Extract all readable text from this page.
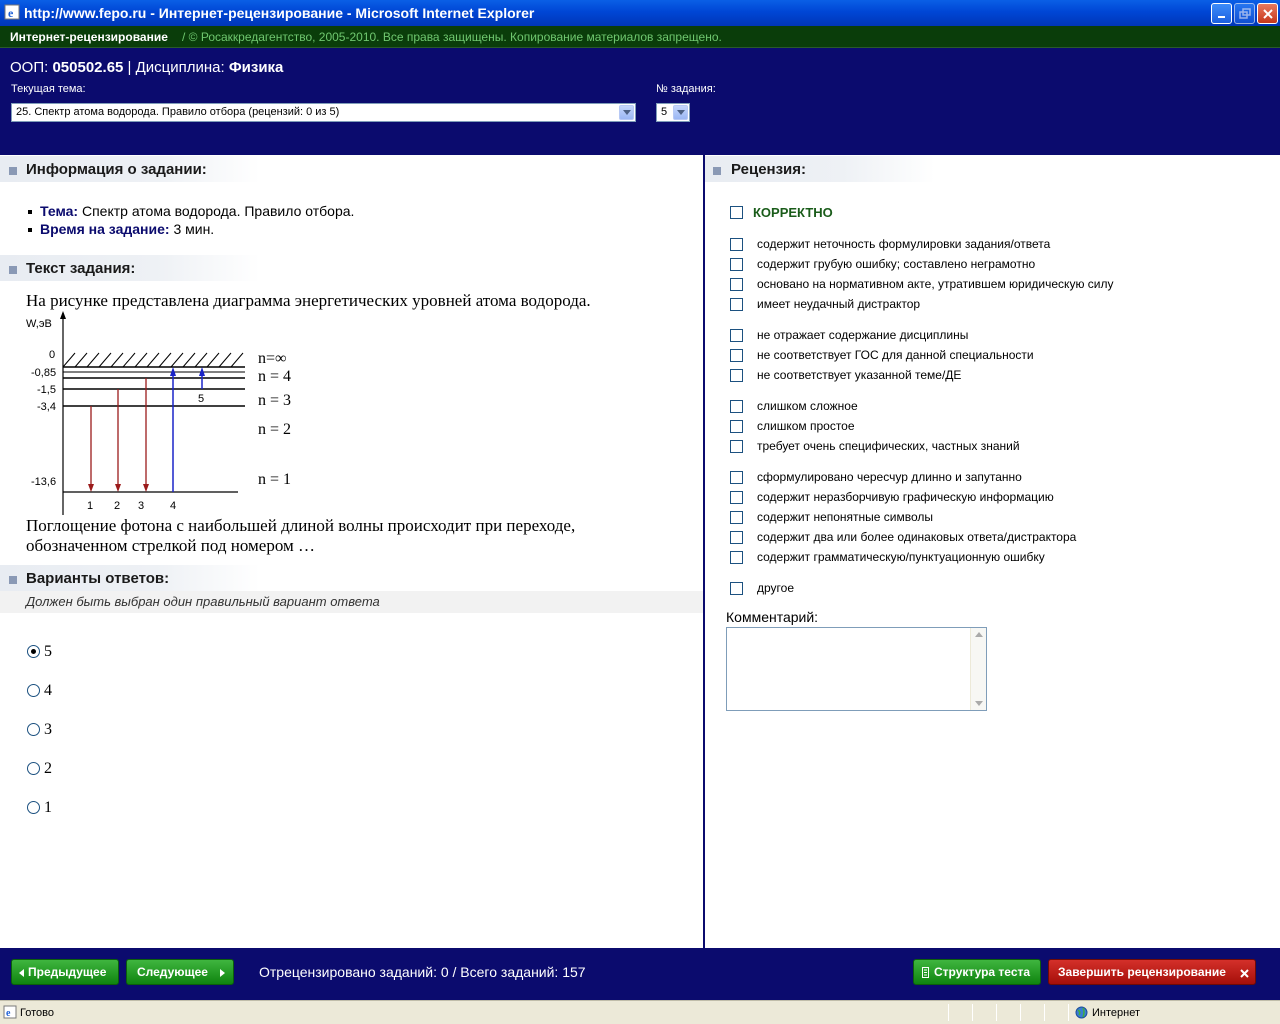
e http://www.fepo.ru - Интернет-рецензирование - Microsoft Internet Explorer
Интернет-рецензирование / © Росаккредагентство, 2005-2010. Все права защищены. Копирование материалов запрещено.
ООП: 050502.65 | Дисциплина: Физика
Текущая тема:
25. Спектр атома водорода. Правило отбора (рецензий: 0 из 5)
№ задания:
5
Информация о задании:
Тема: Спектр атома водорода. Правило отбора.
Время на задание: 3 мин.
Текст задания:
На рисунке представлена диаграмма энергетических уровней атома водорода.
0
-0,85
-1,5
-3,4
-13,6
W,эВ
n=∞
n = 4
n = 3
n = 2
n = 1
1 2 3 4
5
Поглощение фотона с наибольшей длиной волны происходит при переходе,
обозначенном стрелкой под номером …
Варианты ответов:
Должен быть выбран один правильный вариант ответа
5
4
3
2
1
Рецензия:
КОРРЕКТНО
содержит неточность формулировки задания/ответа
содержит грубую ошибку; составлено неграмотно
основано на нормативном акте, утратившем юридическую силу
имеет неудачный дистрактор
не отражает содержание дисциплины
не соответствует ГОС для данной специальности
не соответствует указанной теме/ДЕ
слишком сложное
слишком простое
требует очень специфических, частных знаний
сформулировано чересчур длинно и запутанно
содержит неразборчивую графическую информацию
содержит непонятные символы
содержит два или более одинаковых ответа/дистрактора
содержит грамматическую/пунктуационную ошибку
другое
Комментарий:
Предыдущее	Следующее	Отрецензировано заданий: 0 / Всего заданий: 157	Структура теста Завершить рецензирование
e Готово	Интернет
